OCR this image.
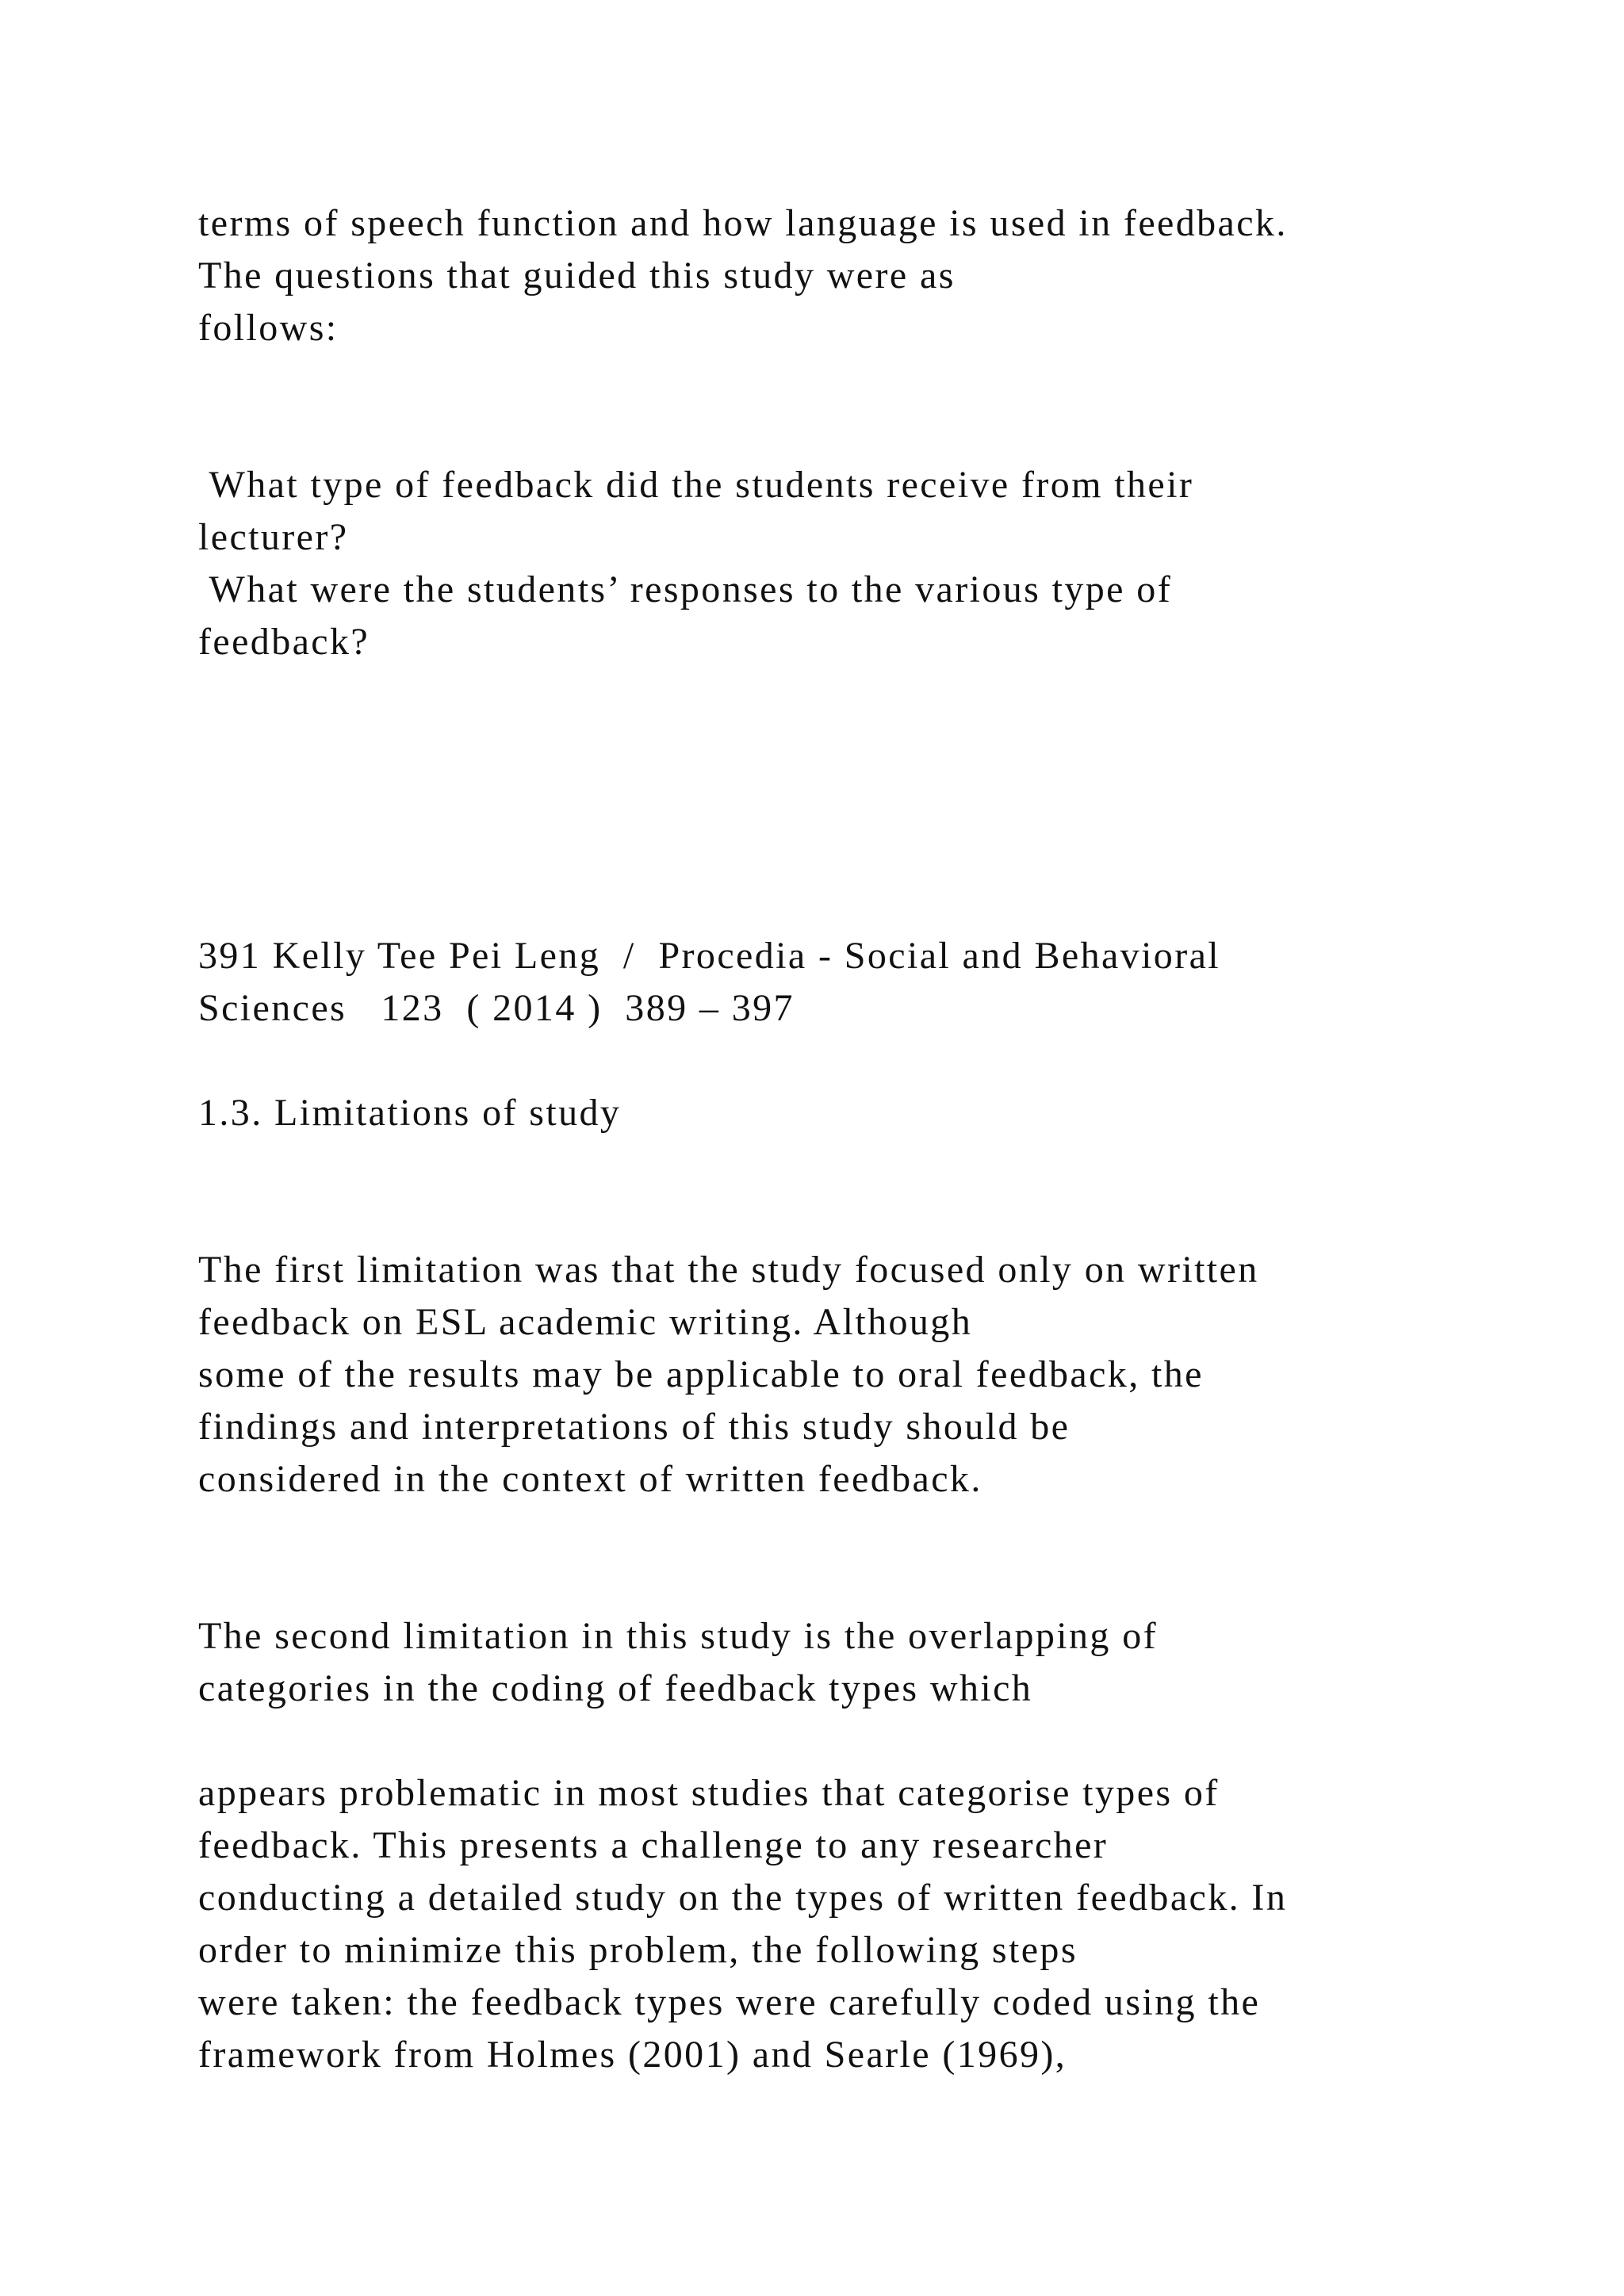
terms of speech function and how language is used in feedback.

The questions that guided this study were as

follows:

What type of feedback did the students receive from their

lecturer?

What were the students’ responses to the various type of

feedback?

391 Kelly Tee Pei Leng  /  Procedia - Social and Behavioral

Sciences   123  ( 2014 )  389 – 397

1.3. Limitations of study

The first limitation was that the study focused only on written

feedback on ESL academic writing. Although

some of the results may be applicable to oral feedback, the

findings and interpretations of this study should be

considered in the context of written feedback.

The second limitation in this study is the overlapping of

categories in the coding of feedback types which

appears problematic in most studies that categorise types of

feedback. This presents a challenge to any researcher

conducting a detailed study on the types of written feedback. In

order to minimize this problem, the following steps

were taken: the feedback types were carefully coded using the

framework from Holmes (2001) and Searle (1969),
